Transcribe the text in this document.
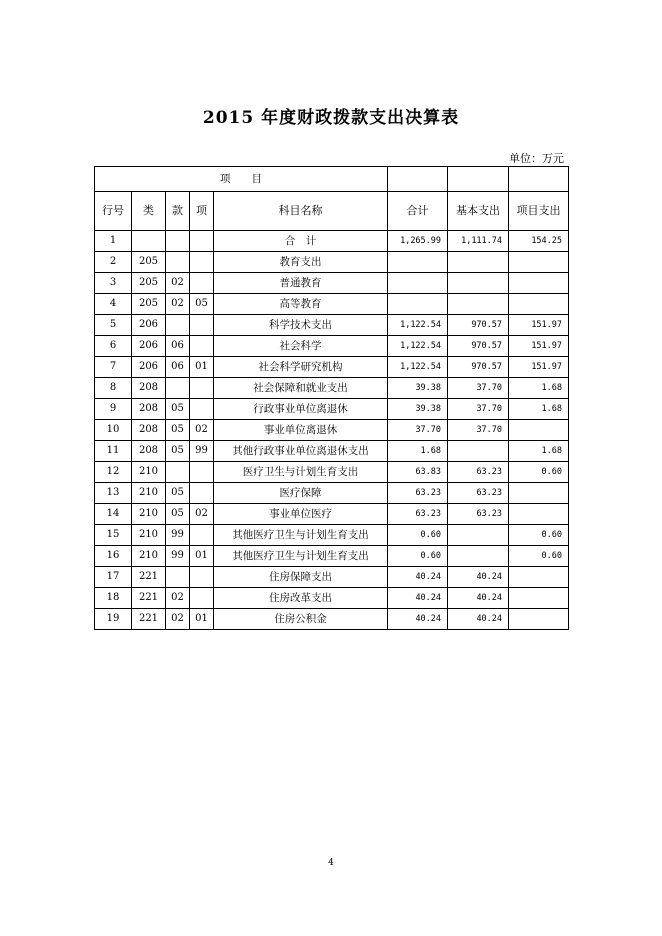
2015 年度财政拨款支出决算表
单位：万元
项　　目							
行号	类	款	项	科目名称	合计	基本支出	项目支出
1				合　计	1,265.99	1,111.74	154.25
2	205			教育支出			
3	205	02		普通教育			
4	205	02	05	高等教育			
5	206			科学技术支出	1,122.54	970.57	151.97
6	206	06		社会科学	1,122.54	970.57	151.97
7	206	06	01	社会科学研究机构	1,122.54	970.57	151.97
8	208			社会保障和就业支出	39.38	37.70	1.68
9	208	05		行政事业单位离退休	39.38	37.70	1.68
10	208	05	02	事业单位离退休	37.70	37.70	
11	208	05	99	其他行政事业单位离退休支出	1.68		1.68
12	210			医疗卫生与计划生育支出	63.83	63.23	0.60
13	210	05		医疗保障	63.23	63.23	
14	210	05	02	事业单位医疗	63.23	63.23	
15	210	99		其他医疗卫生与计划生育支出	0.60		0.60
16	210	99	01	其他医疗卫生与计划生育支出	0.60		0.60
17	221			住房保障支出	40.24	40.24	
18	221	02		住房改革支出	40.24	40.24	
19	221	02	01	住房公积金	40.24	40.24	
4
